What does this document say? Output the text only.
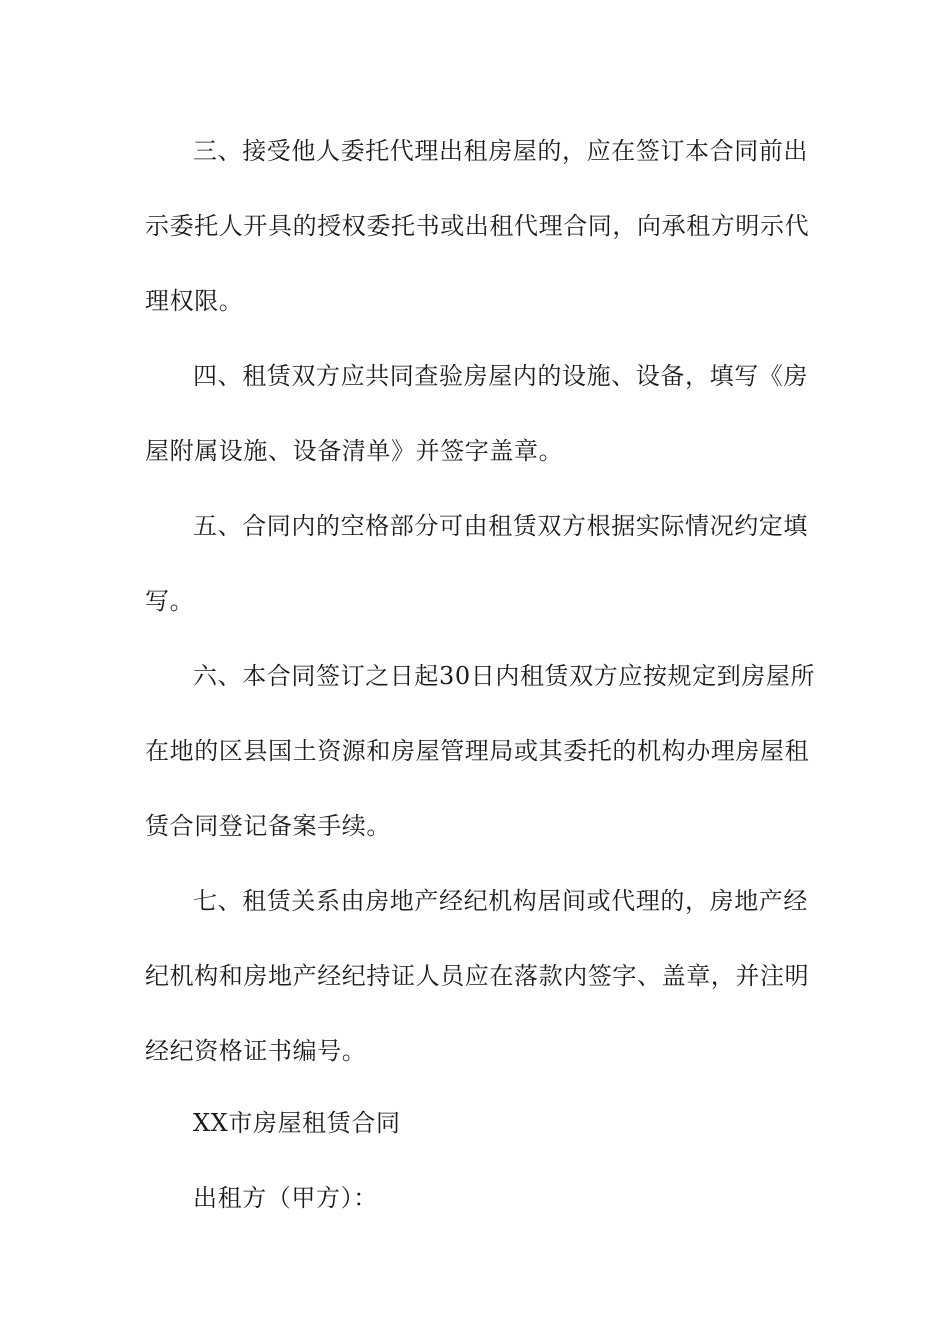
三、接受他人委托代理出租房屋的，应在签订本合同前出
示委托人开具的授权委托书或出租代理合同，向承租方明示代
理权限。
四、租赁双方应共同查验房屋内的设施、设备，填写《房
屋附属设施、设备清单》并签字盖章。
五、合同内的空格部分可由租赁双方根据实际情况约定填
写。
六、本合同签订之日起30日内租赁双方应按规定到房屋所
在地的区县国土资源和房屋管理局或其委托的机构办理房屋租
赁合同登记备案手续。
七、租赁关系由房地产经纪机构居间或代理的，房地产经
纪机构和房地产经纪持证人员应在落款内签字、盖章，并注明
经纪资格证书编号。
XX市房屋租赁合同
出租方（甲方）：
